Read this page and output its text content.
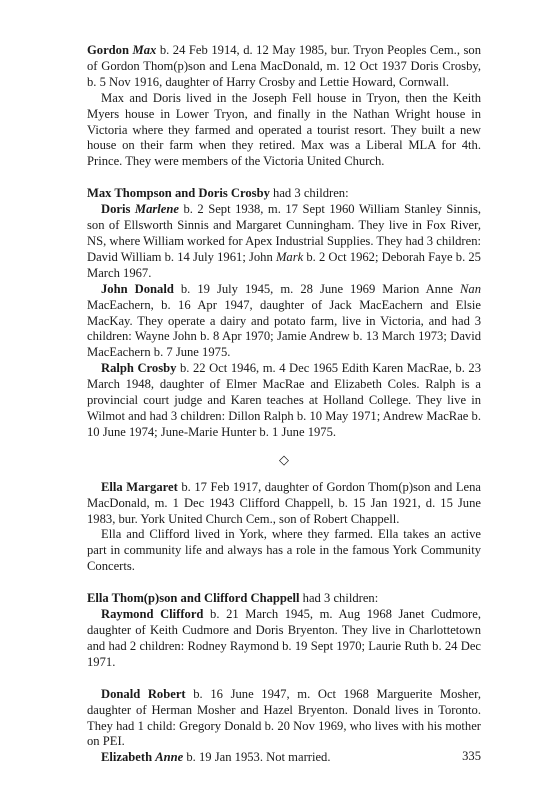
Gordon Max b. 24 Feb 1914, d. 12 May 1985, bur. Tryon Peoples Cem., son of Gordon Thom(p)son and Lena MacDonald, m. 12 Oct 1937 Doris Crosby, b. 5 Nov 1916, daughter of Harry Crosby and Lettie Howard, Cornwall.

Max and Doris lived in the Joseph Fell house in Tryon, then the Keith Myers house in Lower Tryon, and finally in the Nathan Wright house in Victoria where they farmed and operated a tourist resort. They built a new house on their farm when they retired. Max was a Liberal MLA for 4th. Prince. They were members of the Victoria United Church.

Max Thompson and Doris Crosby had 3 children:

Doris Marlene b. 2 Sept 1938, m. 17 Sept 1960 William Stanley Sinnis, son of Ellsworth Sinnis and Margaret Cunningham. They live in Fox River, NS, where William worked for Apex Industrial Supplies. They had 3 children: David William b. 14 July 1961; John Mark b. 2 Oct 1962; Deborah Faye b. 25 March 1967.

John Donald b. 19 July 1945, m. 28 June 1969 Marion Anne Nan MacEachern, b. 16 Apr 1947, daughter of Jack MacEachern and Elsie MacKay. They operate a dairy and potato farm, live in Victoria, and had 3 children: Wayne John b. 8 Apr 1970; Jamie Andrew b. 13 March 1973; David MacEachern b. 7 June 1975.

Ralph Crosby b. 22 Oct 1946, m. 4 Dec 1965 Edith Karen MacRae, b. 23 March 1948, daughter of Elmer MacRae and Elizabeth Coles. Ralph is a provincial court judge and Karen teaches at Holland College. They live in Wilmot and had 3 children: Dillon Ralph b. 10 May 1971; Andrew MacRae b. 10 June 1974; June-Marie Hunter b. 1 June 1975.

◇

Ella Margaret b. 17 Feb 1917, daughter of Gordon Thom(p)son and Lena MacDonald, m. 1 Dec 1943 Clifford Chappell, b. 15 Jan 1921, d. 15 June 1983, bur. York United Church Cem., son of Robert Chappell.

Ella and Clifford lived in York, where they farmed. Ella takes an active part in community life and always has a role in the famous York Community Concerts.

Ella Thom(p)son and Clifford Chappell had 3 children:

Raymond Clifford b. 21 March 1945, m. Aug 1968 Janet Cudmore, daughter of Keith Cudmore and Doris Bryenton. They live in Charlottetown and had 2 children: Rodney Raymond b. 19 Sept 1970; Laurie Ruth b. 24 Dec 1971.

Donald Robert b. 16 June 1947, m. Oct 1968 Marguerite Mosher, daughter of Herman Mosher and Hazel Bryenton. Donald lives in Toronto. They had 1 child: Gregory Donald b. 20 Nov 1969, who lives with his mother on PEI.

Elizabeth Anne b. 19 Jan 1953. Not married.	335
